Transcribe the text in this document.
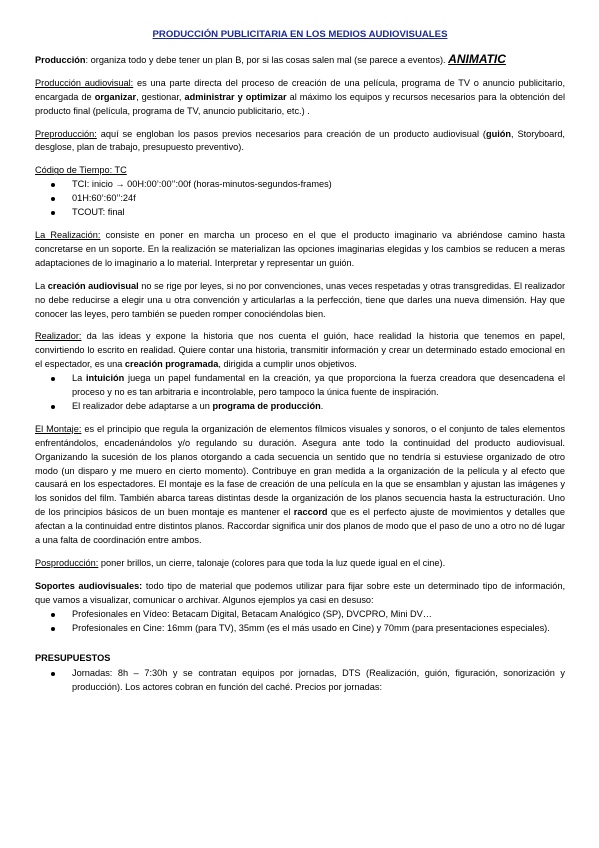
PRODUCCIÓN PUBLICITARIA EN LOS MEDIOS AUDIOVISUALES

Producción: organiza todo y debe tener un plan B, por si las cosas salen mal (se parece a eventos). ANIMATIC

Producción audiovisual: es una parte directa del proceso de creación de una película, programa de TV o anuncio publicitario, encargada de organizar, gestionar, administrar y optimizar al máximo los equipos y recursos necesarios para la obtención del producto final (película, programa de TV, anuncio publicitario, etc.) .

Preproducción: aquí se engloban los pasos previos necesarios para creación de un producto audiovisual (guión, Storyboard, desglose, plan de trabajo, presupuesto preventivo).

Código de Tiempo: TC
TCI: inicio → 00H:00’:00’’:00f (horas-minutos-segundos-frames)
01H:60’:60’’:24f
TCOUT: final

La Realización: consiste en poner en marcha un proceso en el que el producto imaginario va abriéndose camino hasta concretarse en un soporte. En la realización se materializan las opciones imaginarias elegidas y los cambios se reducen a meras adaptaciones de lo imaginario a lo material. Interpretar y representar un guión.

La creación audiovisual no se rige por leyes, si no por convenciones, unas veces respetadas y otras transgredidas. El realizador no debe reducirse a elegir una u otra convención y articularlas a la perfección, tiene que darles una nueva dimensión. Hay que conocer las leyes, pero también se pueden romper conociéndolas bien.

Realizador: da las ideas y expone la historia que nos cuenta el guión, hace realidad la historia que tenemos en papel, convirtiendo lo escrito en realidad. Quiere contar una historia, transmitir información y crear un determinado estado emocional en el espectador, es una creación programada, dirigida a cumplir unos objetivos.

La intuición juega un papel fundamental en la creación, ya que proporciona la fuerza creadora que desencadena el proceso y no es tan arbitraria e incontrolable, pero tampoco la única fuente de inspiración.
El realizador debe adaptarse a un programa de producción.

El Montaje: es el principio que regula la organización de elementos fílmicos visuales y sonoros, o el conjunto de tales elementos enfrentándolos, encadenándolos y/o regulando su duración. Asegura ante todo la continuidad del producto audiovisual. Organizando la sucesión de los planos otorgando a cada secuencia un sentido que no tendría si estuviese organizado de otro modo (un disparo y me muero en cierto momento). Contribuye en gran medida a la organización de la película y al efecto que causará en los espectadores. El montaje es la fase de creación de una película en la que se ensamblan y ajustan las imágenes y los sonidos del film. También abarca tareas distintas desde la organización de los planos secuencia hasta la estructuración. Uno de los principios básicos de un buen montaje es mantener el raccord que es el perfecto ajuste de movimientos y detalles que afectan a la continuidad entre distintos planos. Raccordar significa unir dos planos de modo que el paso de uno a otro no dé lugar a una falta de coordinación entre ambos.

Posproducción: poner brillos, un cierre, talonaje (colores para que toda la luz quede igual en el cine).

Soportes audiovisuales: todo tipo de material que podemos utilizar para fijar sobre este un determinado tipo de información, que vamos a visualizar, comunicar o archivar. Algunos ejemplos ya casi en desuso:

Profesionales en Vídeo: Betacam Digital, Betacam Analógico (SP), DVCPRO, Mini DV…
Profesionales en Cine: 16mm (para TV), 35mm (es el más usado en Cine) y 70mm (para presentaciones especiales).
PRESUPUESTOS
Jornadas: 8h – 7:30h y se contratan equipos por jornadas, DTS (Realización, guión, figuración, sonorización y producción). Los actores cobran en función del caché. Precios por jornadas:
